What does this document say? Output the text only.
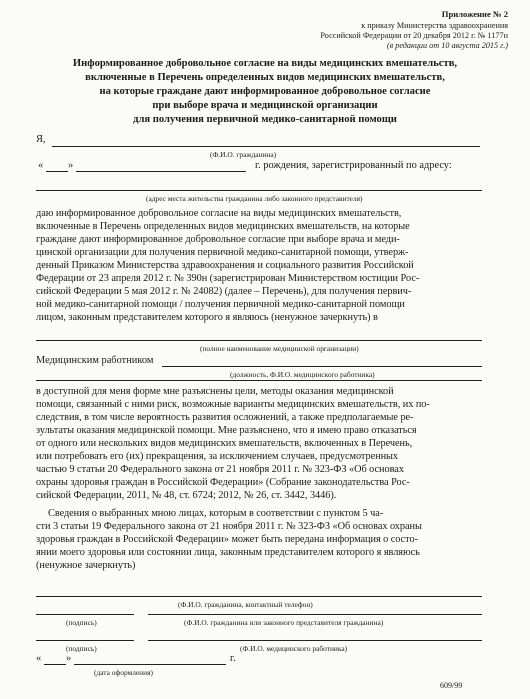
Приложение № 2
к приказу Министерства здравоохранения
Российской Федерации от 20 декабря 2012 г. № 1177н
(в редакции от 10 августа 2015 г.)
Информированное добровольное согласие на виды медицинских вмешательств,
включенные в Перечень определенных видов медицинских вмешательств,
на которые граждане дают информированное добровольное согласие
при выборе врача и медицинской организации
для получения первичной медико-санитарной помощи
Я,
(Ф.И.О. гражданина)
« »	г. рождения, зарегистрированный по адресу:
(адрес места жительства гражданина либо законного представителя)
даю информированное добровольное согласие на виды медицинских вмешательств,
включенные в Перечень определенных видов медицинских вмешательств, на которые
граждане дают информированное добровольное согласие при выборе врача и меди-
цинской организации для получения первичной медико-санитарной помощи, утверж-
денный Приказом Министерства здравоохранения и социального развития Российской
Федерации от 23 апреля 2012 г. № 390н (зарегистрирован Министерством юстиции Рос-
сийской Федерации 5 мая 2012 г. № 24082) (далее – Перечень), для получения первич-
ной медико-санитарной помощи / получения первичной медико-санитарной помощи
лицом, законным представителем которого я являюсь (ненужное зачеркнуть) в
(полное наименование медицинской организации)
Медицинским работником
(должность, Ф.И.О. медицинского работника)
в доступной для меня форме мне разъяснены цели, методы оказания медицинской
помощи, связанный с ними риск, возможные варианты медицинских вмешательств, их по-
следствия, в том числе вероятность развития осложнений, а также предполагаемые ре-
зультаты оказания медицинской помощи. Мне разъяснено, что я имею право отказаться
от одного или нескольких видов медицинских вмешательств, включенных в Перечень,
или потребовать его (их) прекращения, за исключением случаев, предусмотренных
частью 9 статьи 20 Федерального закона от 21 ноября 2011 г. № 323-ФЗ «Об основах
охраны здоровья граждан в Российской Федерации» (Собрание законодательства Рос-
сийской Федерации, 2011, № 48, ст. 6724; 2012, № 26, ст. 3442, 3446).
Сведения о выбранных мною лицах, которым в соответствии с пунктом 5 ча-
сти 3 статьи 19 Федерального закона от 21 ноября 2011 г. № 323-ФЗ «Об основах охраны
здоровья граждан в Российской Федерации» может быть передана информация о состо-
янии моего здоровья или состоянии лица, законным представителем которого я являюсь
(ненужное зачеркнуть)
(Ф.И.О. гражданина, контактный телефон)
(подпись)	(Ф.И.О. гражданина или законного представителя гражданина)
(подпись)	(Ф.И.О. медицинского работника)
« »	г.
(дата оформления)
609/99
